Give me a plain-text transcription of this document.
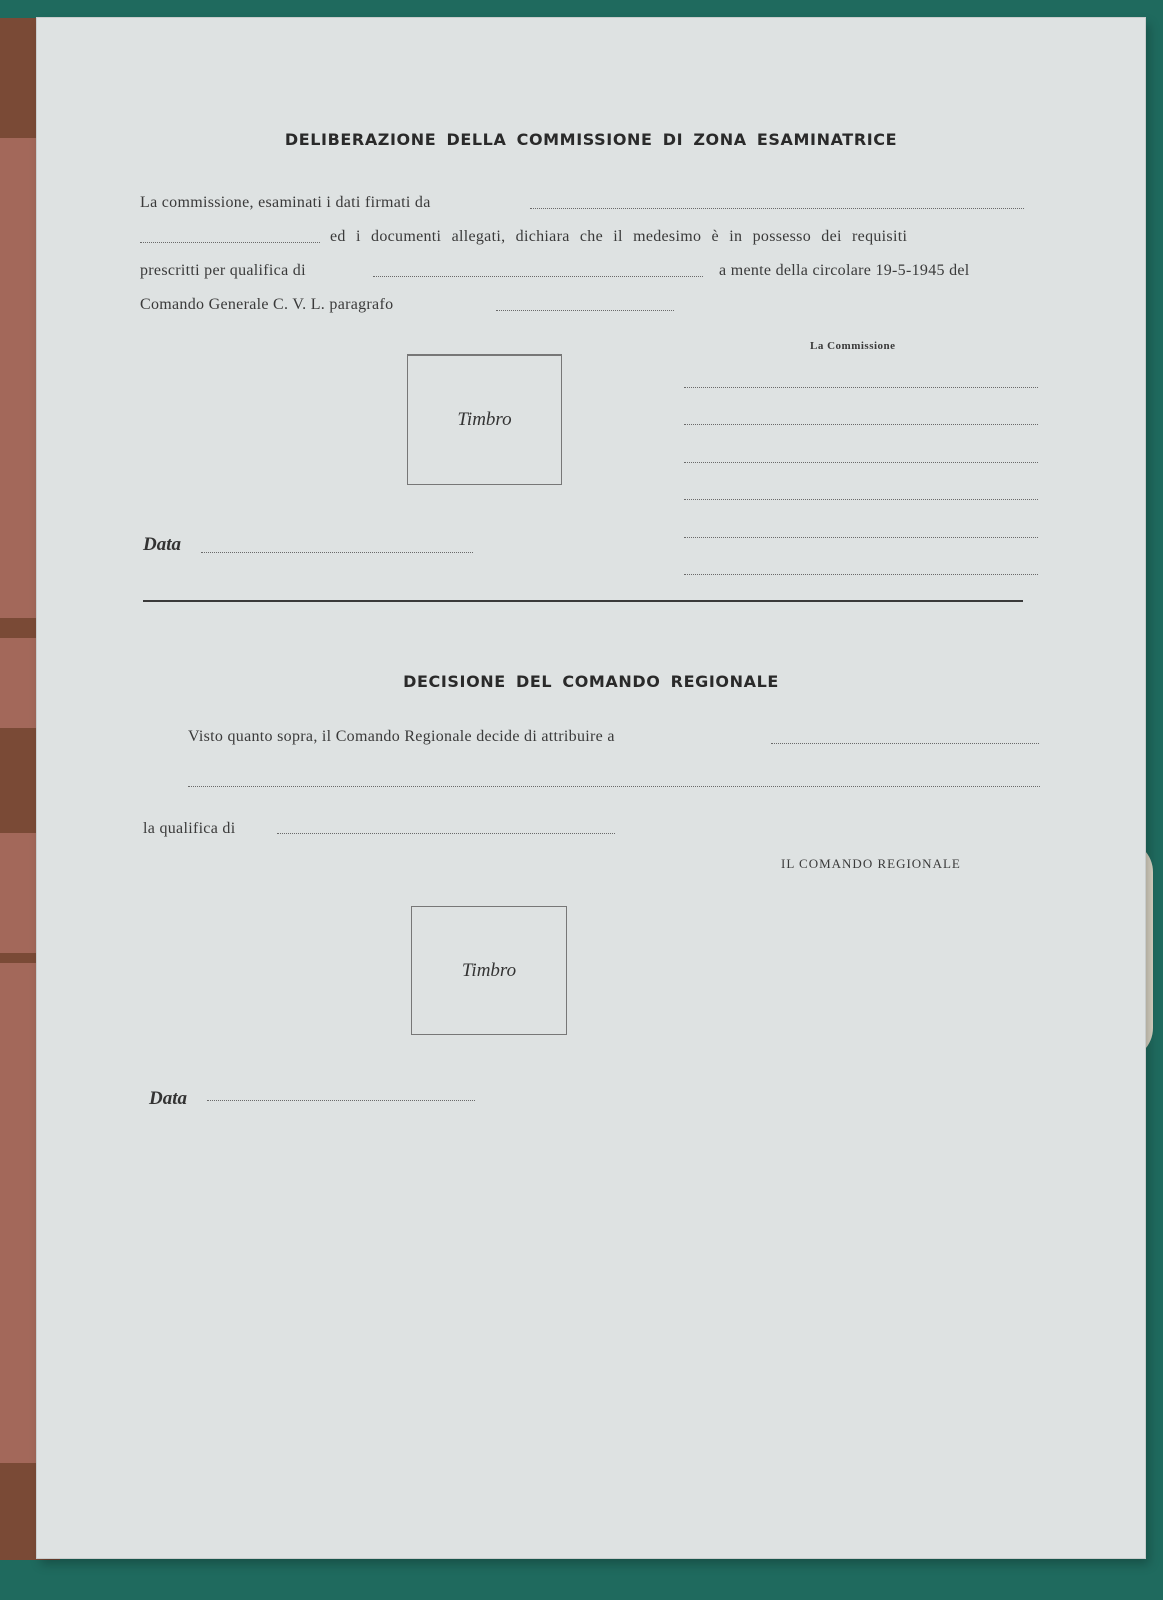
DELIBERAZIONE DELLA COMMISSIONE DI ZONA ESAMINATRICE
La commissione, esaminati i dati firmati da
ed i documenti allegati, dichiara che il medesimo è in possesso dei requisiti
prescritti per qualifica di	a mente della circolare 19-5-1945 del
Comando Generale C. V. L. paragrafo
La Commissione
Timbro
Data
DECISIONE DEL COMANDO REGIONALE
Visto quanto sopra, il Comando Regionale decide di attribuire a
la qualifica di
IL COMANDO REGIONALE
Timbro
Data
